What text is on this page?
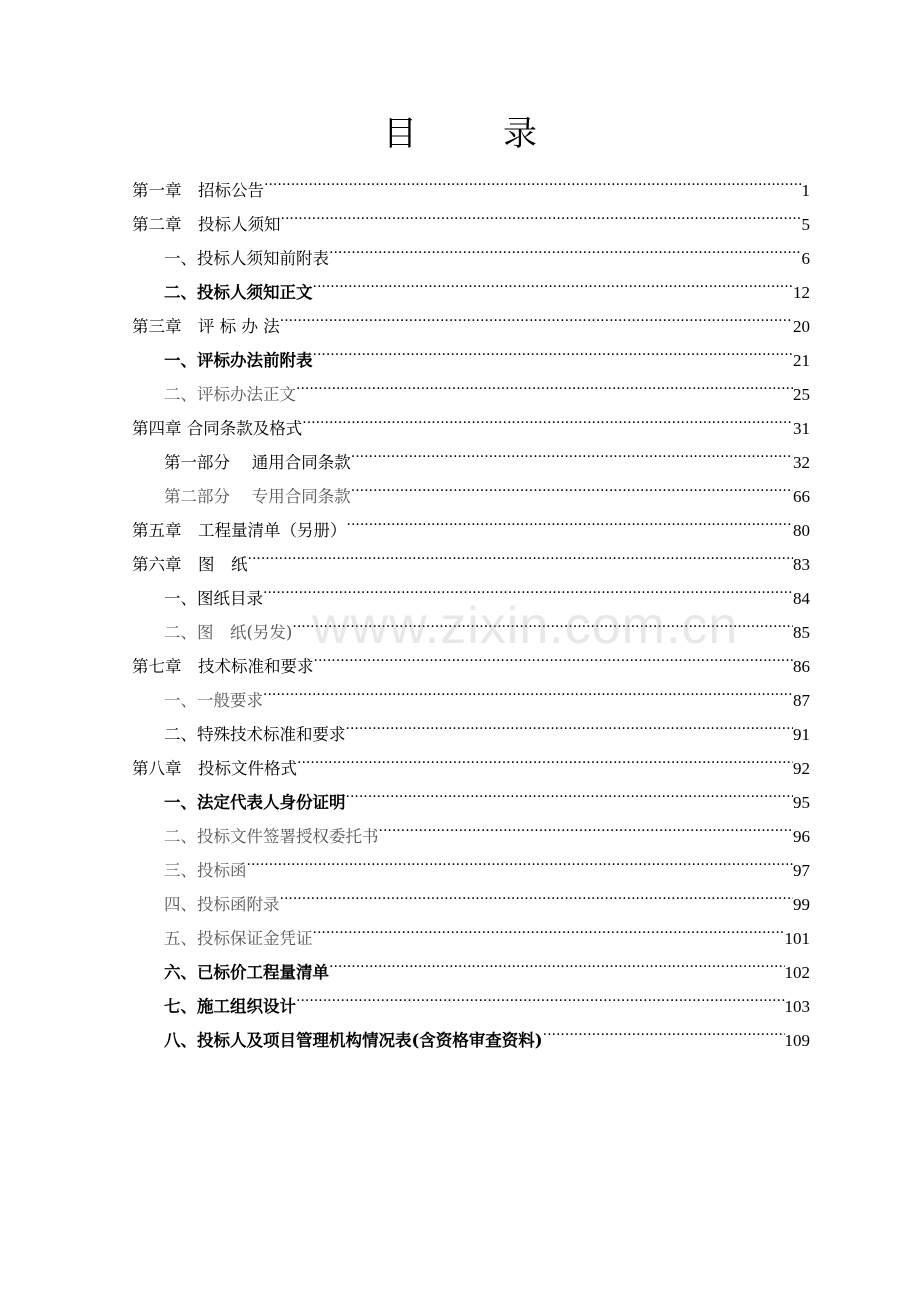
目	录
第一章　招标公告 .....	1
第二章　投标人须知 .....	5
一、投标人须知前附表 .....	6
二、投标人须知正文 .....	12
第三章　评 标 办 法 .....	20
一、评标办法前附表 .....	21
二、评标办法正文 .....	25
第四章 合同条款及格式 .....	31
第一部分　 通用合同条款 .....	32
第二部分　 专用合同条款 .....	66
第五章　工程量清单（另册） .....	80
第六章　图　纸 .....	83
一、图纸目录 .....	84
二、图　纸(另发) .....	85
第七章　技术标准和要求 .....	86
一、一般要求 .....	87
二、特殊技术标准和要求 .....	91
第八章　投标文件格式 .....	92
一、法定代表人身份证明 .....	95
二、投标文件签署授权委托书 .....	96
三、投标函 .....	97
四、投标函附录 .....	99
五、投标保证金凭证 .....	101
六、已标价工程量清单 .....	102
七、施工组织设计 .....	103
八、投标人及项目管理机构情况表(含资格审查资料) .....	109
www.zixin.com.cn
